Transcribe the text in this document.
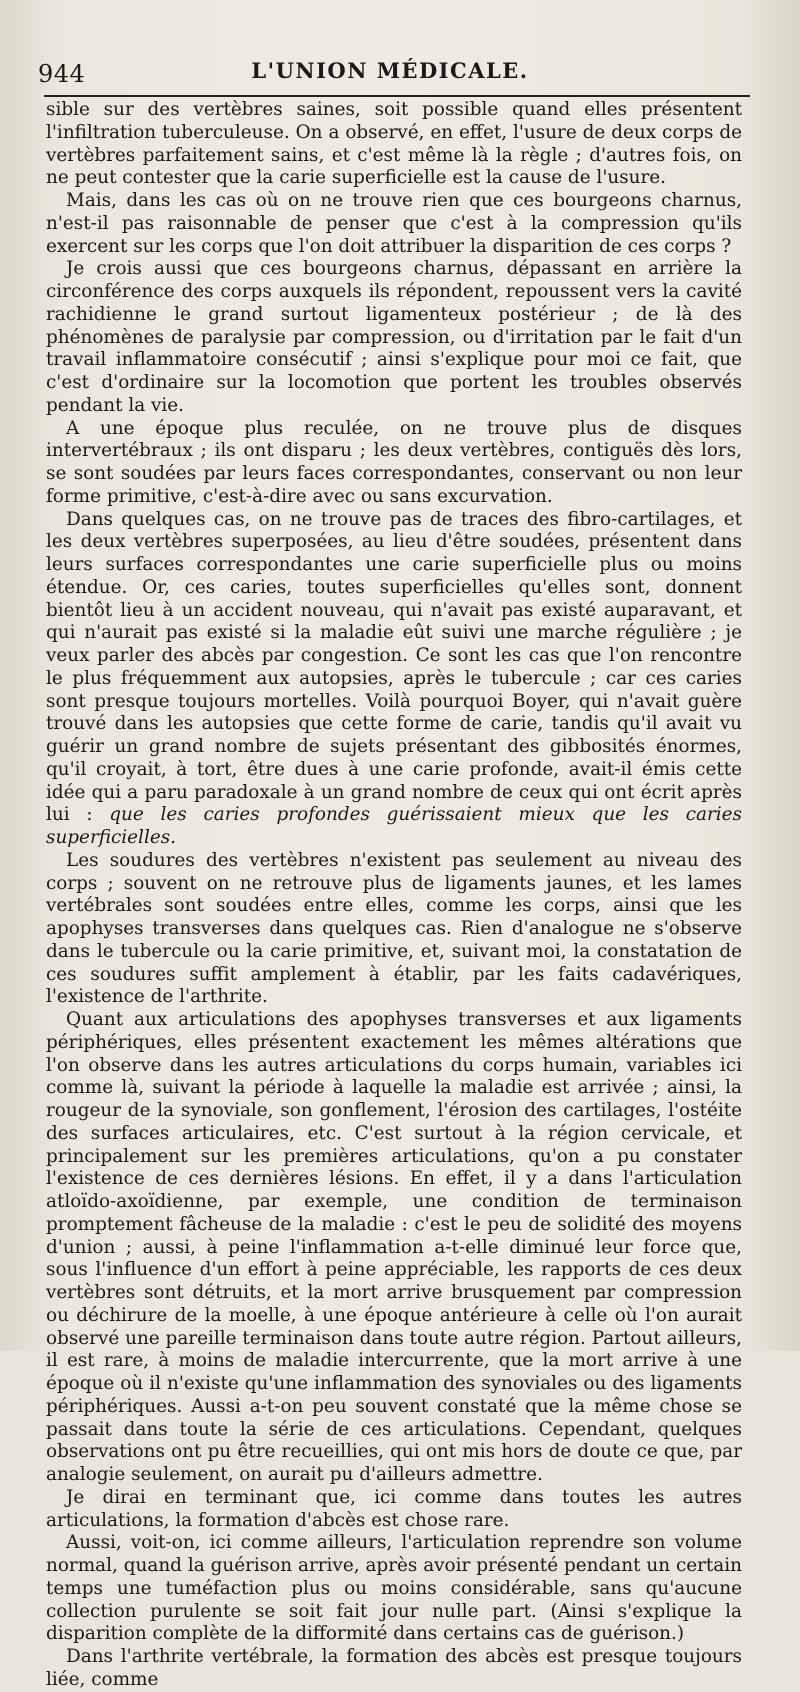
944	L'UNION MÉDICALE.

sible sur des vertèbres saines, soit possible quand elles présentent l'infiltration tuberculeuse. On a observé, en effet, l'usure de deux corps de vertèbres parfaitement sains, et c'est même là la règle ; d'autres fois, on ne peut contester que la carie superficielle est la cause de l'usure.

Mais, dans les cas où on ne trouve rien que ces bourgeons charnus, n'est-il pas raisonnable de penser que c'est à la compression qu'ils exercent sur les corps que l'on doit attribuer la disparition de ces corps ?

Je crois aussi que ces bourgeons charnus, dépassant en arrière la circonférence des corps auxquels ils répondent, repoussent vers la cavité rachidienne le grand surtout ligamenteux postérieur ; de là des phénomènes de paralysie par compression, ou d'irritation par le fait d'un travail inflammatoire consécutif ; ainsi s'explique pour moi ce fait, que c'est d'ordinaire sur la locomotion que portent les troubles observés pendant la vie.

A une époque plus reculée, on ne trouve plus de disques intervertébraux ; ils ont disparu ; les deux vertèbres, contiguës dès lors, se sont soudées par leurs faces correspondantes, conservant ou non leur forme primitive, c'est-à-dire avec ou sans excurvation.

Dans quelques cas, on ne trouve pas de traces des fibro-cartilages, et les deux vertèbres superposées, au lieu d'être soudées, présentent dans leurs surfaces correspondantes une carie superficielle plus ou moins étendue. Or, ces caries, toutes superficielles qu'elles sont, donnent bientôt lieu à un accident nouveau, qui n'avait pas existé auparavant, et qui n'aurait pas existé si la maladie eût suivi une marche régulière ; je veux parler des abcès par congestion. Ce sont les cas que l'on rencontre le plus fréquemment aux autopsies, après le tubercule ; car ces caries sont presque toujours mortelles. Voilà pourquoi Boyer, qui n'avait guère trouvé dans les autopsies que cette forme de carie, tandis qu'il avait vu guérir un grand nombre de sujets présentant des gibbosités énormes, qu'il croyait, à tort, être dues à une carie profonde, avait-il émis cette idée qui a paru paradoxale à un grand nombre de ceux qui ont écrit après lui : que les caries profondes guérissaient mieux que les caries superficielles.

Les soudures des vertèbres n'existent pas seulement au niveau des corps ; souvent on ne retrouve plus de ligaments jaunes, et les lames vertébrales sont soudées entre elles, comme les corps, ainsi que les apophyses transverses dans quelques cas. Rien d'analogue ne s'observe dans le tubercule ou la carie primitive, et, suivant moi, la constatation de ces soudures suffit amplement à établir, par les faits cadavériques, l'existence de l'arthrite.

Quant aux articulations des apophyses transverses et aux ligaments périphériques, elles présentent exactement les mêmes altérations que l'on observe dans les autres articulations du corps humain, variables ici comme là, suivant la période à laquelle la maladie est arrivée ; ainsi, la rougeur de la synoviale, son gonflement, l'érosion des cartilages, l'ostéite des surfaces articulaires, etc. C'est surtout à la région cervicale, et principalement sur les premières articulations, qu'on a pu constater l'existence de ces dernières lésions. En effet, il y a dans l'articulation atloïdo-axoïdienne, par exemple, une condition de terminaison promptement fâcheuse de la maladie : c'est le peu de solidité des moyens d'union ; aussi, à peine l'inflammation a-t-elle diminué leur force que, sous l'influence d'un effort à peine appréciable, les rapports de ces deux vertèbres sont détruits, et la mort arrive brusquement par compression ou déchirure de la moelle, à une époque antérieure à celle où l'on aurait observé une pareille terminaison dans toute autre région. Partout ailleurs, il est rare, à moins de maladie intercurrente, que la mort arrive à une époque où il n'existe qu'une inflammation des synoviales ou des ligaments périphériques. Aussi a-t-on peu souvent constaté que la même chose se passait dans toute la série de ces articulations. Cependant, quelques observations ont pu être recueillies, qui ont mis hors de doute ce que, par analogie seulement, on aurait pu d'ailleurs admettre.

Je dirai en terminant que, ici comme dans toutes les autres articulations, la formation d'abcès est chose rare.

Aussi, voit-on, ici comme ailleurs, l'articulation reprendre son volume normal, quand la guérison arrive, après avoir présenté pendant un certain temps une tuméfaction plus ou moins considérable, sans qu'aucune collection purulente se soit fait jour nulle part. (Ainsi s'explique la disparition complète de la difformité dans certains cas de guérison.)

Dans l'arthrite vertébrale, la formation des abcès est presque toujours liée, comme
